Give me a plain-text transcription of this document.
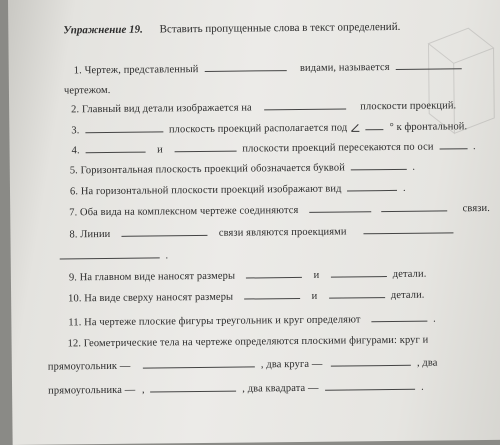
Упражнение 19. Вставить пропущенные слова в текст определений.
1. Чертеж, представленный	видами, называется
чертежом.
2. Главный вид детали изображается на	плоскости проекций.
3.	плоскость проекций располагается под	° к фронтальной.
4.	и	плоскости проекций пересекаются по оси	.
5. Горизонтальная плоскость проекций обозначается буквой	.
6. На горизонтальной плоскости проекций изображают вид	.
7. Оба вида на комплексном чертеже соединяются	связи.
8. Линии	связи являются проекциями
.
9. На главном виде наносят размеры	и	детали.
10. На виде сверху наносят размеры	и	детали.
11. На чертеже плоские фигуры треугольник и круг определяют	.
12. Геометрические тела на чертеже определяются плоскими фигурами: круг и
прямоугольник —	, два круга —	, два
прямоугольника — ,	, два квадрата —	.
